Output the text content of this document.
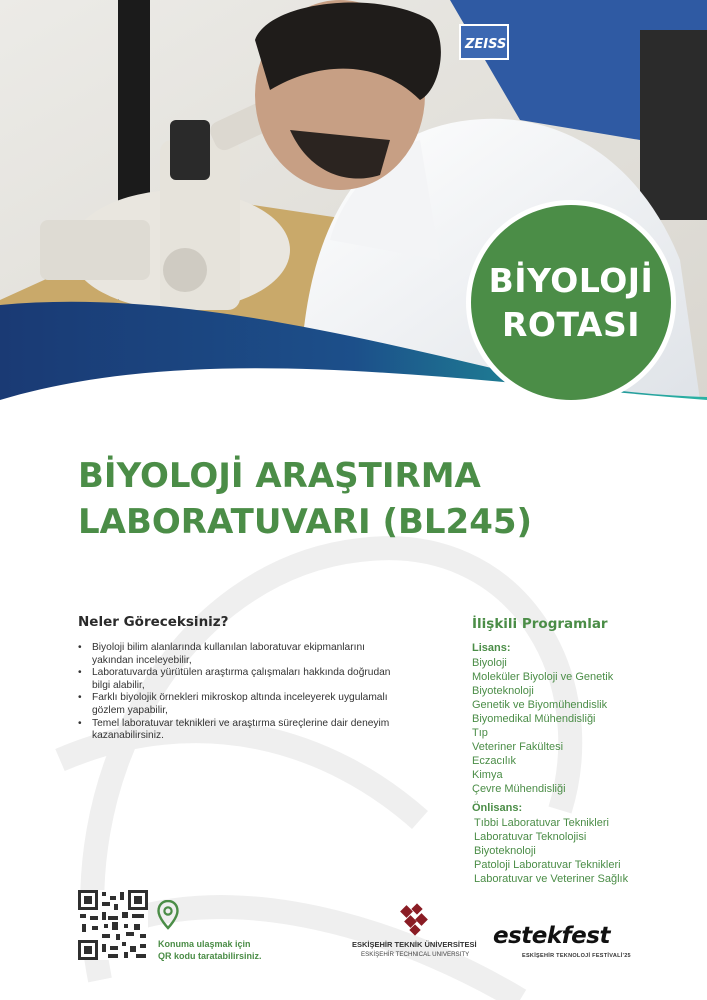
ZEISS
BİYOLOJİ
ROTASI
BİYOLOJİ ARAŞTIRMA
LABORATUVARI (BL245)
Neler Göreceksiniz?
• Biyoloji bilim alanlarında kullanılan laboratuvar ekipmanlarını yakından inceleyebilir,
• Laboratuvarda yürütülen araştırma çalışmaları hakkında doğrudan bilgi alabilir,
• Farklı biyolojik örnekleri mikroskop altında inceleyerek uygulamalı gözlem yapabilir,
• Temel laboratuvar teknikleri ve araştırma süreçlerine dair deneyim kazanabilirsiniz.
İlişkili Programlar

Lisans:

Biyoloji
Moleküler Biyoloji ve Genetik
Biyoteknoloji
Genetik ve Biyomühendislik
Biyomedikal Mühendisliği
Tıp
Veteriner Fakültesi
Eczacılık
Kimya
Çevre Mühendisliği

Önlisans:

Tıbbi Laboratuvar Teknikleri
Laboratuvar Teknolojisi
Biyoteknoloji
Patoloji Laboratuvar Teknikleri
Laboratuvar ve Veteriner Sağlık

Konuma ulaşmak için
QR kodu taratabilirsiniz.

ESKİŞEHİR TEKNİK ÜNİVERSİTESİ

ESKİŞEHİR TECHNICAL UNIVERSITY

estekfest

ESKİŞEHİR TEKNOLOJİ FESTİVALİ'25
